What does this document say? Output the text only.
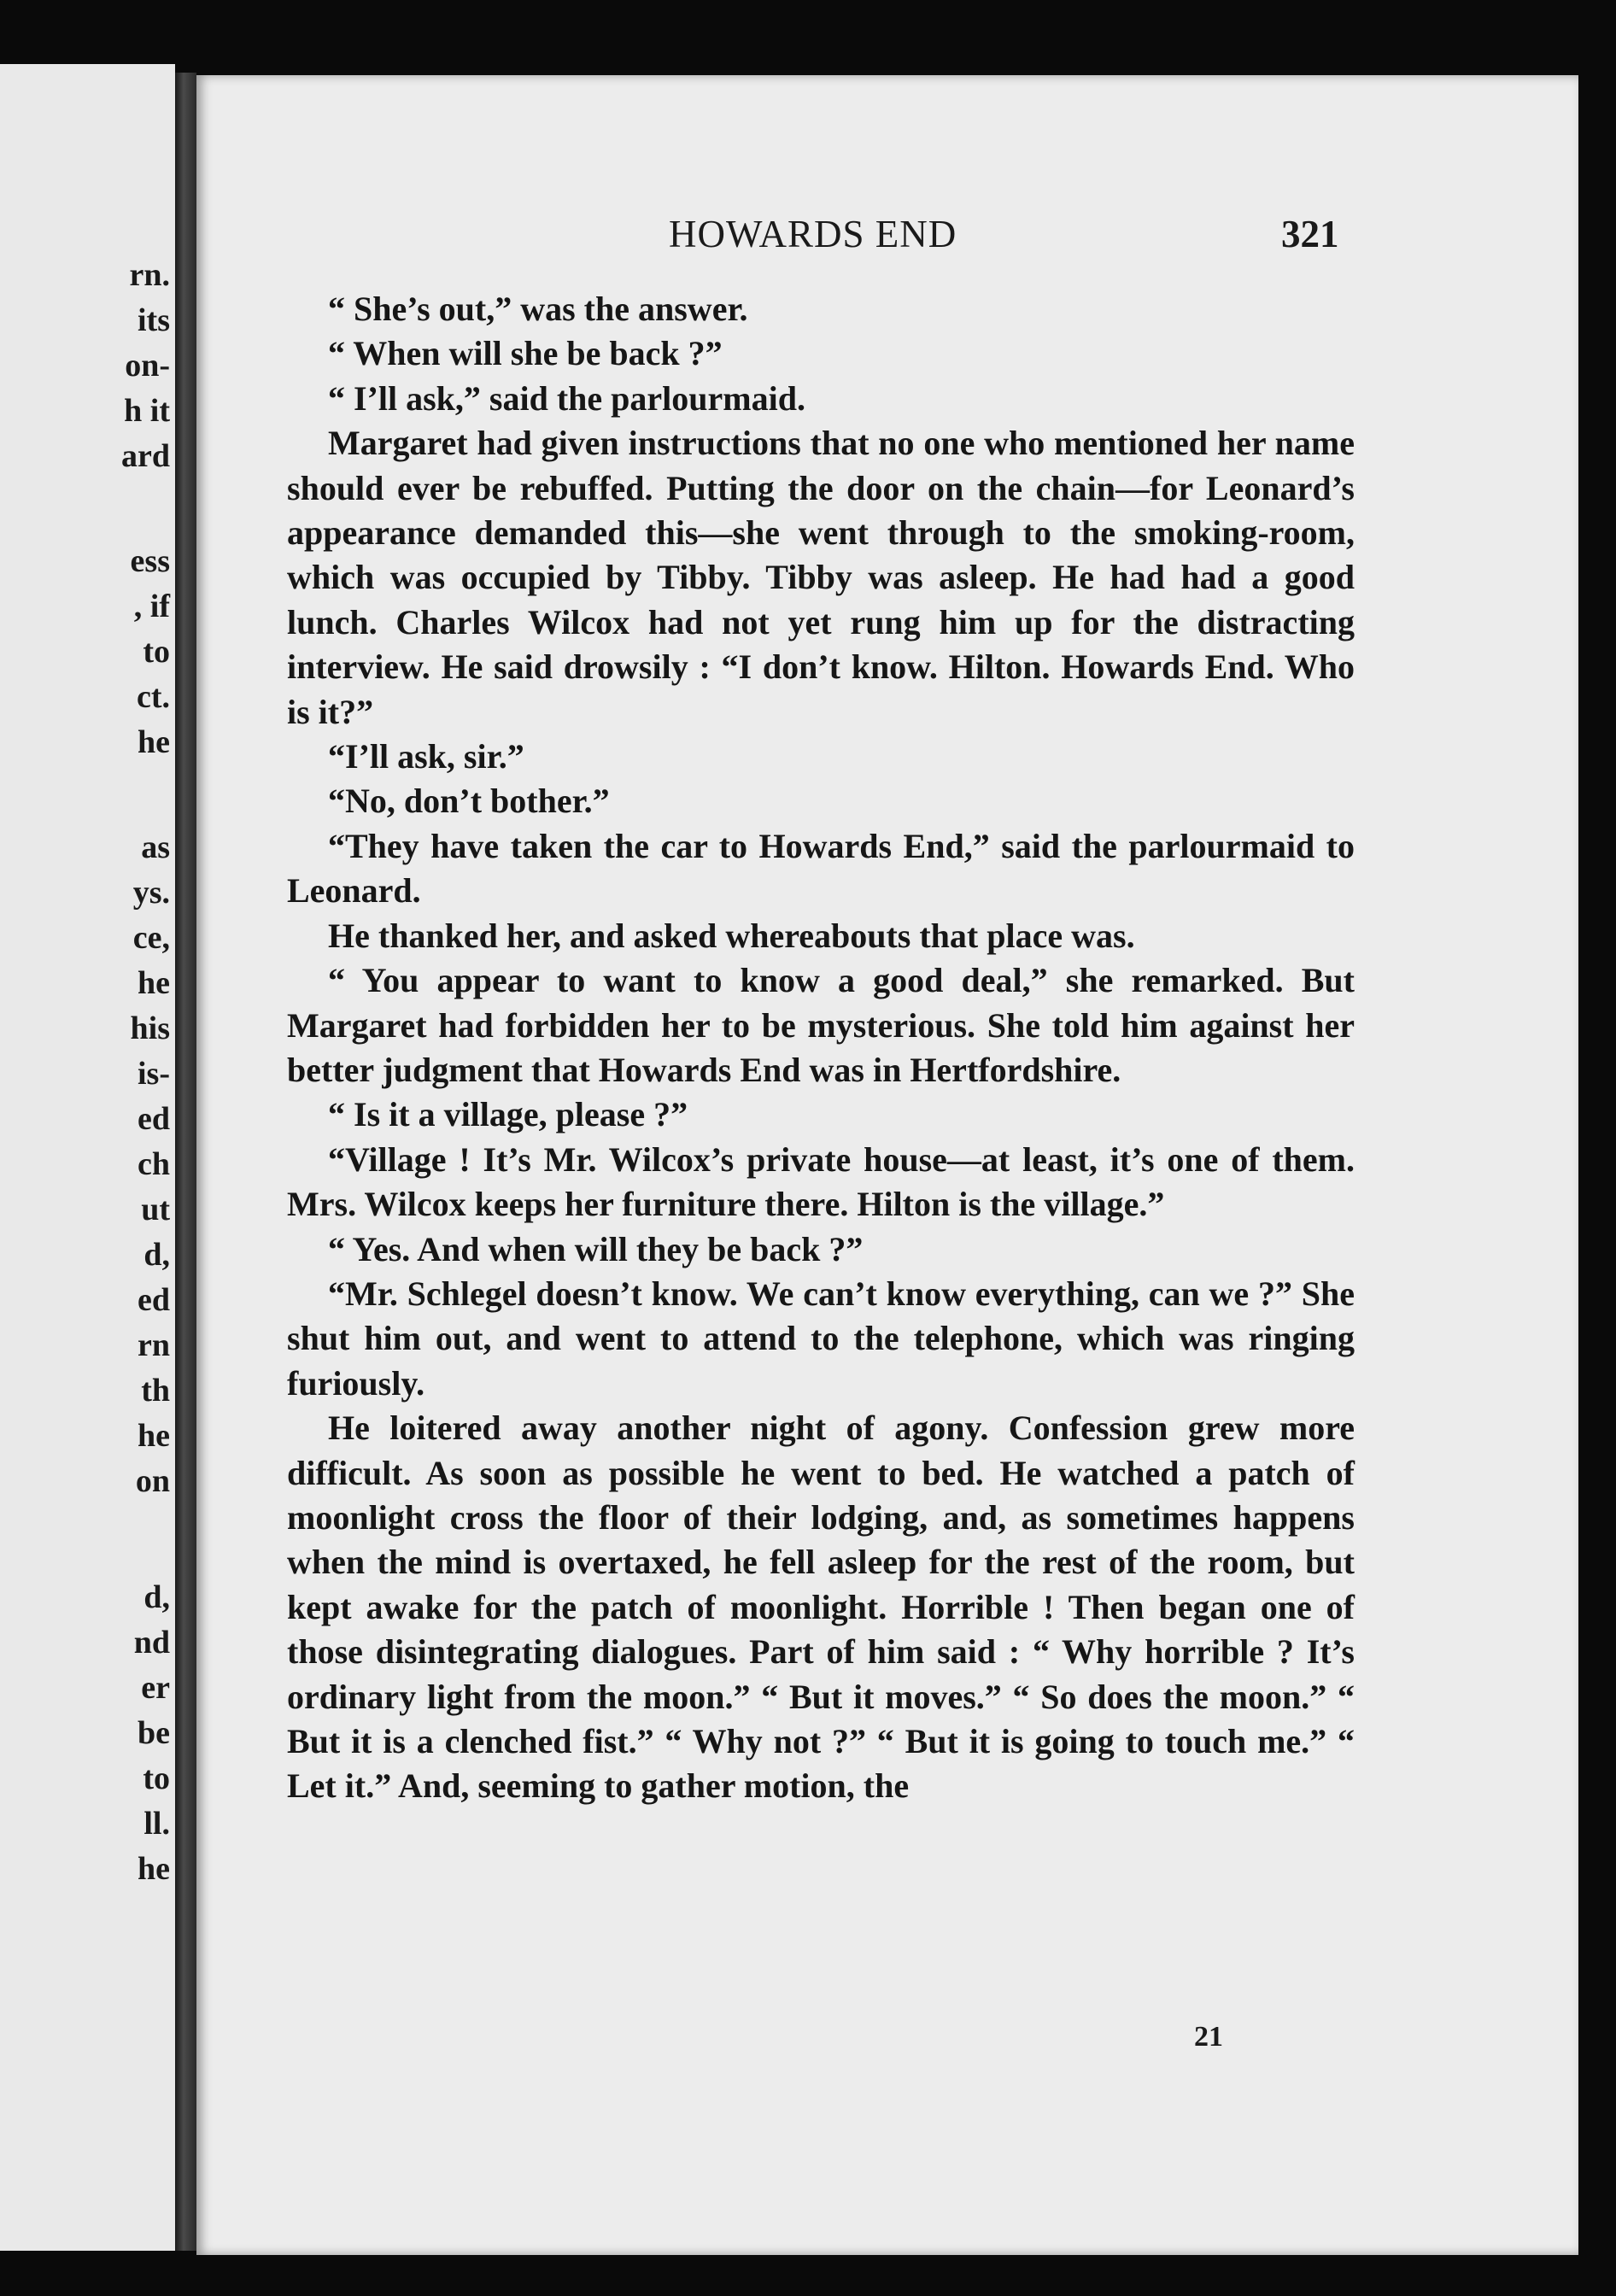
rn.
its
on-
h it
ard
ess
, if
to
ct.
he
as
ys.
ce,
he
his
is-
ed
ch
ut
d,
ed
rn
th
he
on
d,
nd
er
be
to
ll.
he
HOWARDS END	321

“ She’s out,” was the answer.

“ When will she be back ?”

“ I’ll ask,” said the parlourmaid.

Margaret had given instructions that no one who mentioned her name should ever be rebuffed. Putting the door on the chain—for Leonard’s appearance demanded this—she went through to the smoking-room, which was occupied by Tibby. Tibby was asleep. He had had a good lunch. Charles Wilcox had not yet rung him up for the distracting interview. He said drowsily : “I don’t know. Hilton. Howards End. Who is it?”

“I’ll ask, sir.”

“No, don’t bother.”

“They have taken the car to Howards End,” said the parlourmaid to Leonard.

He thanked her, and asked whereabouts that place was.

“ You appear to want to know a good deal,” she remarked. But Margaret had forbidden her to be mysterious. She told him against her better judgment that Howards End was in Hertfordshire.

“ Is it a village, please ?”

“Village ! It’s Mr. Wilcox’s private house—at least, it’s one of them. Mrs. Wilcox keeps her furniture there. Hilton is the village.”

“ Yes. And when will they be back ?”

“Mr. Schlegel doesn’t know. We can’t know everything, can we ?” She shut him out, and went to attend to the telephone, which was ringing furiously.

He loitered away another night of agony. Confession grew more difficult. As soon as possible he went to bed. He watched a patch of moonlight cross the floor of their lodging, and, as sometimes happens when the mind is overtaxed, he fell asleep for the rest of the room, but kept awake for the patch of moonlight. Horrible ! Then began one of those disintegrating dialogues. Part of him said : “ Why horrible ? It’s ordinary light from the moon.” “ But it moves.” “ So does the moon.” “ But it is a clenched fist.” “ Why not ?” “ But it is going to touch me.” “ Let it.” And, seeming to gather motion, the

21
